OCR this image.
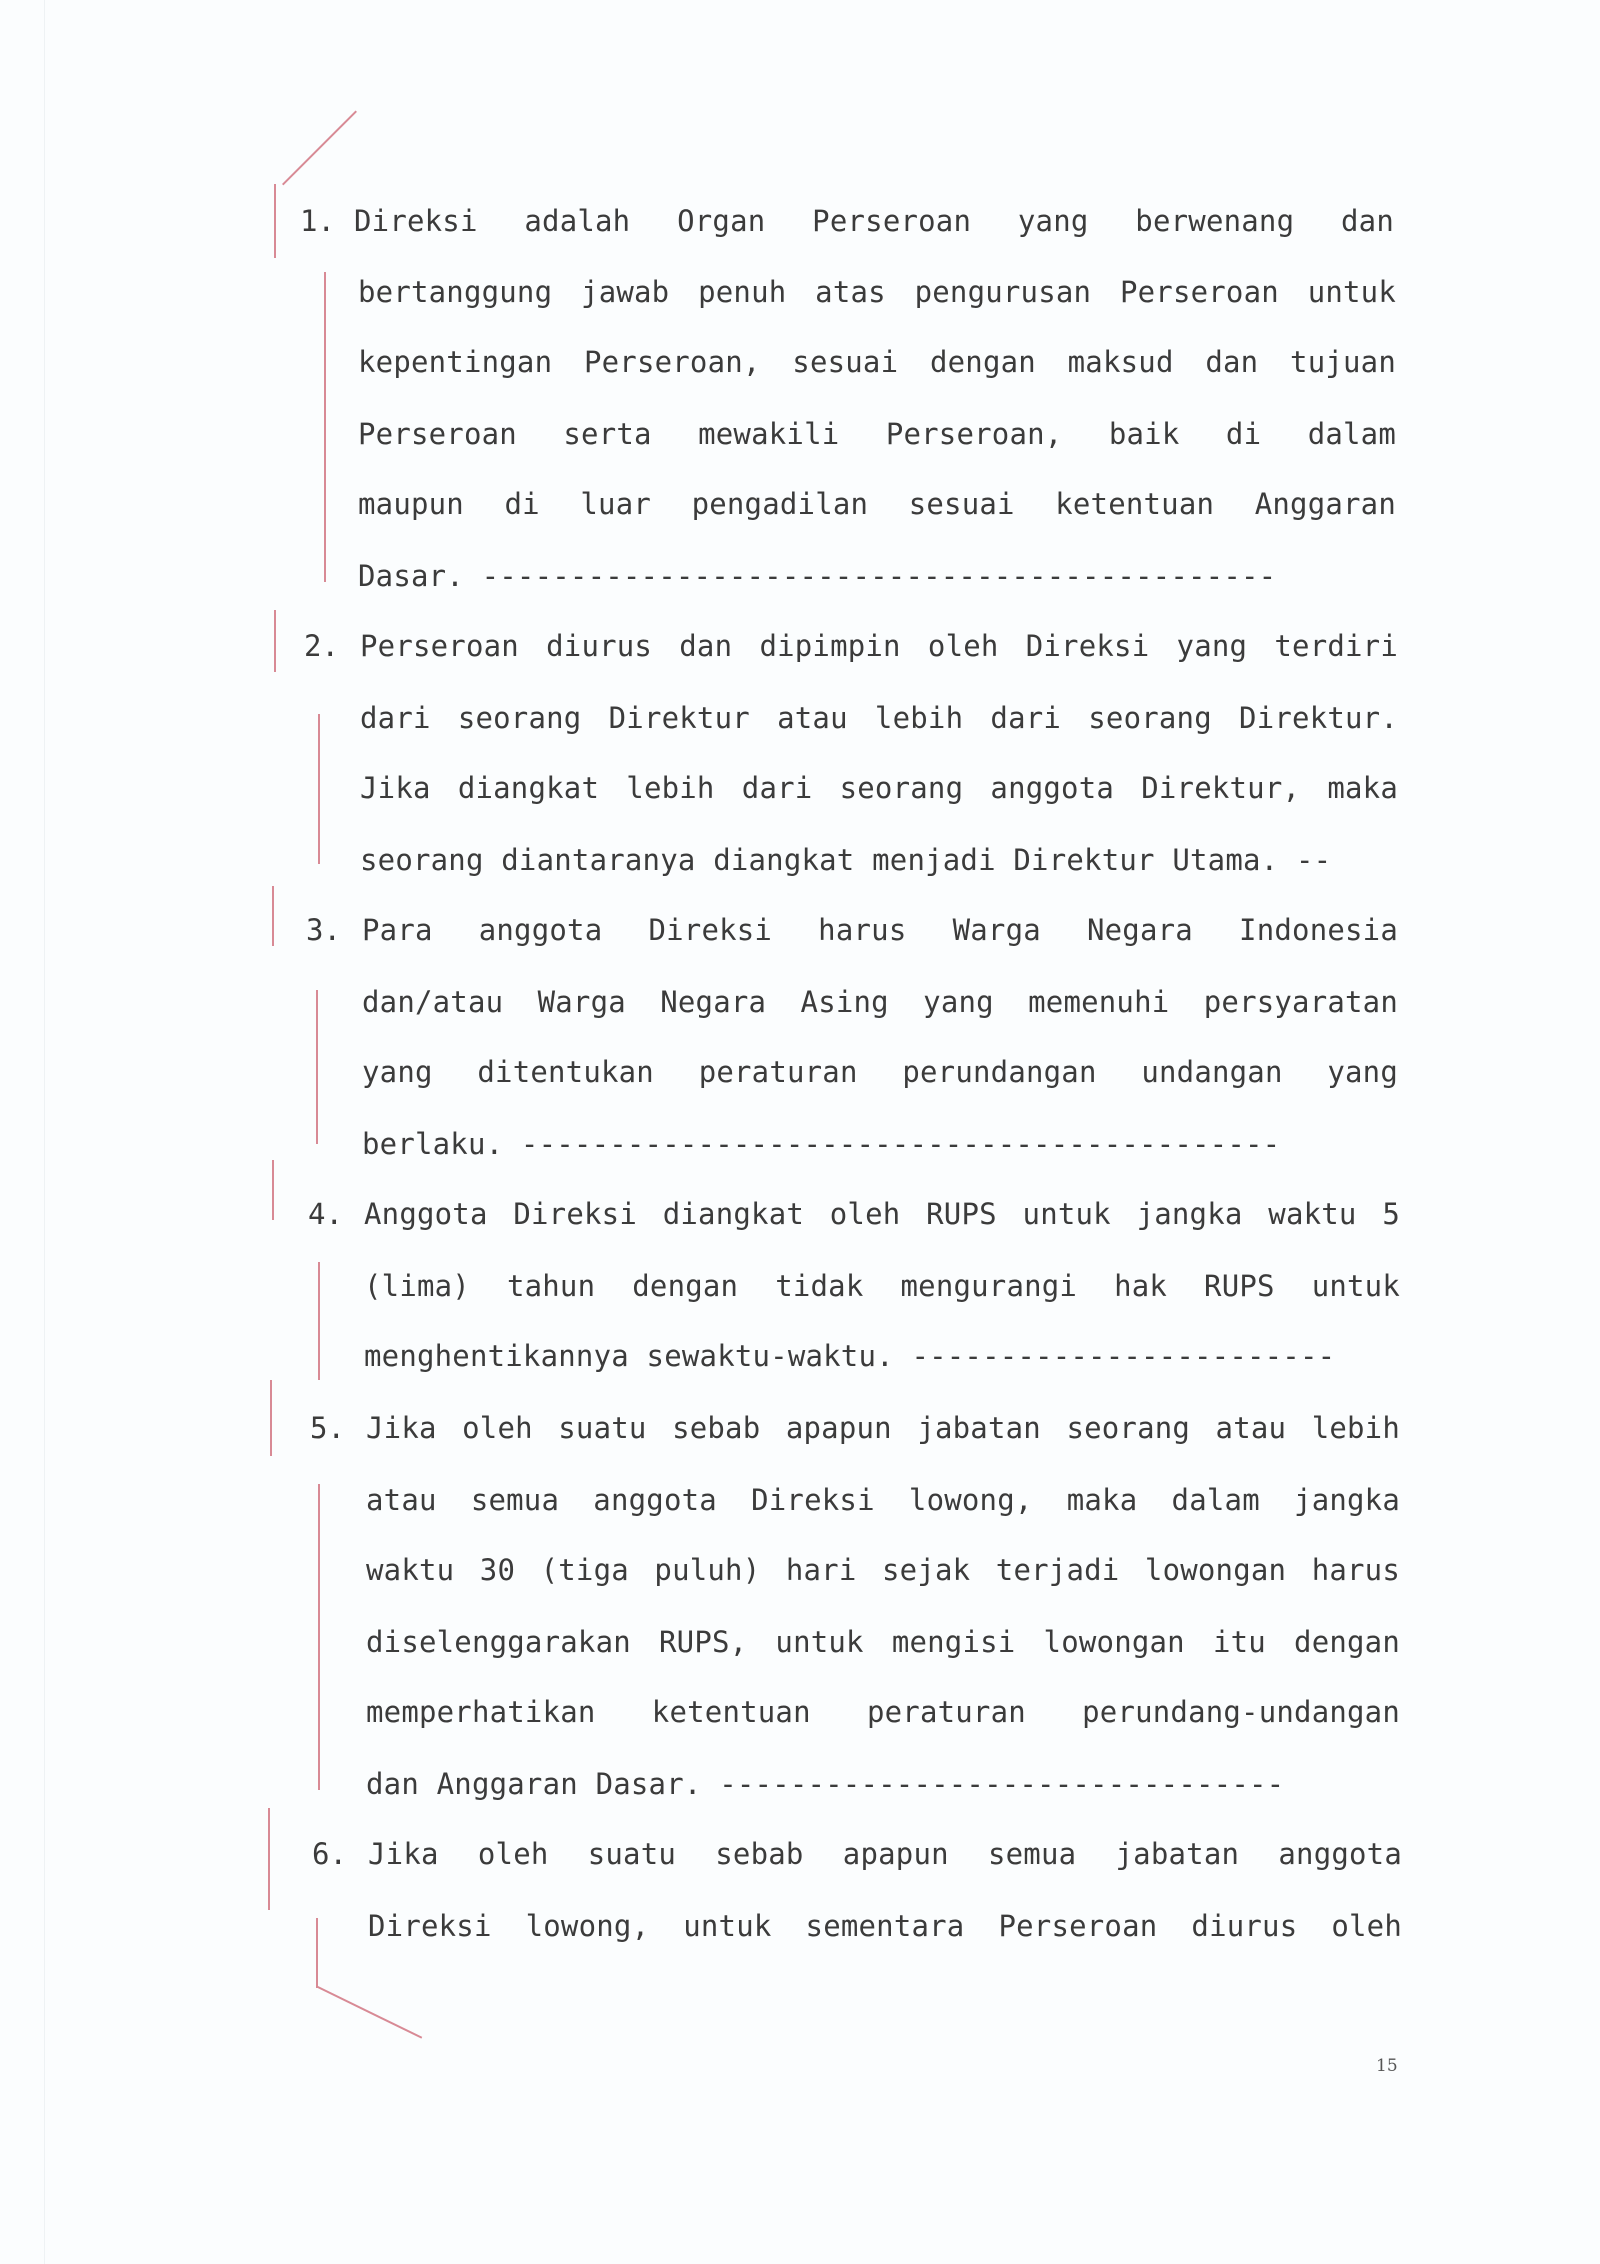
1. Direksi adalah Organ Perseroan yang berwenang dan

bertanggung jawab penuh atas pengurusan Perseroan untuk

kepentingan Perseroan, sesuai dengan maksud dan tujuan

Perseroan serta mewakili Perseroan, baik di dalam

maupun di luar pengadilan sesuai ketentuan Anggaran

Dasar. ---------------------------------------------

2. Perseroan diurus dan dipimpin oleh Direksi yang terdiri

dari seorang Direktur atau lebih dari seorang Direktur.

Jika diangkat lebih dari seorang anggota Direktur, maka

seorang diantaranya diangkat menjadi Direktur Utama. --

3. Para anggota Direksi harus Warga Negara Indonesia

dan/atau Warga Negara Asing yang memenuhi persyaratan

yang ditentukan peraturan perundangan undangan yang

berlaku. -------------------------------------------

4. Anggota Direksi diangkat oleh RUPS untuk jangka waktu 5

(lima) tahun dengan tidak mengurangi hak RUPS untuk

menghentikannya sewaktu-waktu. ------------------------

5. Jika oleh suatu sebab apapun jabatan seorang atau lebih

atau semua anggota Direksi lowong, maka dalam jangka

waktu 30 (tiga puluh) hari sejak terjadi lowongan harus

diselenggarakan RUPS, untuk mengisi lowongan itu dengan

memperhatikan ketentuan peraturan perundang-undangan

dan Anggaran Dasar. --------------------------------

6. Jika oleh suatu sebab apapun semua jabatan anggota

Direksi lowong, untuk sementara Perseroan diurus oleh

15
